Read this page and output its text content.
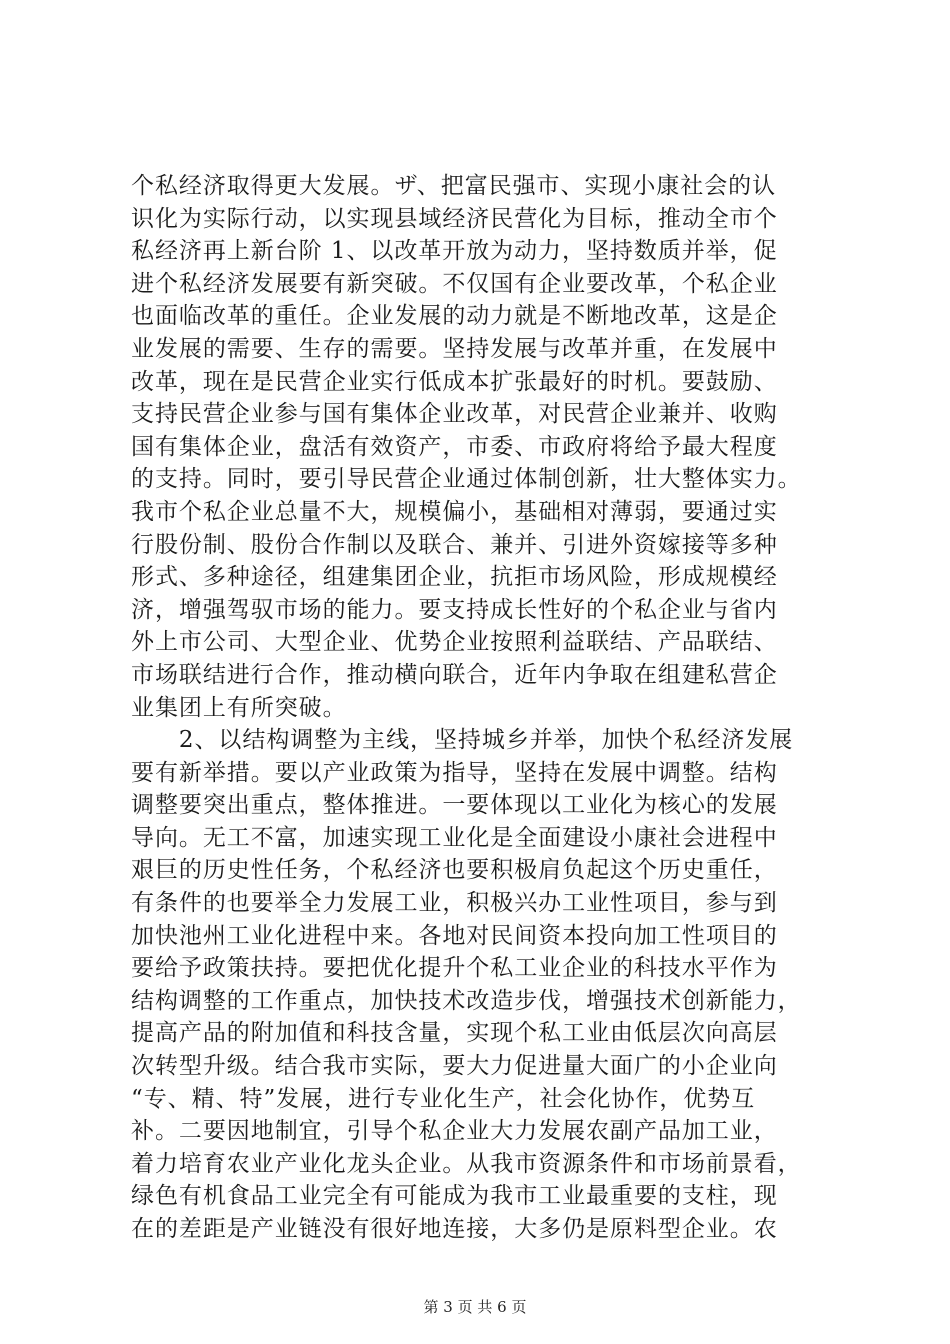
个私经济取得更大发展。ザ、把富民强市、实现小康社会的认
识化为实际行动，以实现县域经济民营化为目标，推动全市个
私经济再上新台阶 1、以改革开放为动力，坚持数质并举，促
进个私经济发展要有新突破。不仅国有企业要改革，个私企业
也面临改革的重任。企业发展的动力就是不断地改革，这是企
业发展的需要、生存的需要。坚持发展与改革并重，在发展中
改革，现在是民营企业实行低成本扩张最好的时机。要鼓励、
支持民营企业参与国有集体企业改革，对民营企业兼并、收购
国有集体企业，盘活有效资产，市委、市政府将给予最大程度
的支持。同时，要引导民营企业通过体制创新，壮大整体实力。
我市个私企业总量不大，规模偏小，基础相对薄弱，要通过实
行股份制、股份合作制以及联合、兼并、引进外资嫁接等多种
形式、多种途径，组建集团企业，抗拒市场风险，形成规模经
济，增强驾驭市场的能力。要支持成长性好的个私企业与省内
外上市公司、大型企业、优势企业按照利益联结、产品联结、
市场联结进行合作，推动横向联合，近年内争取在组建私营企
业集团上有所突破。
　　2、以结构调整为主线，坚持城乡并举，加快个私经济发展
要有新举措。要以产业政策为指导，坚持在发展中调整。结构
调整要突出重点，整体推进。一要体现以工业化为核心的发展
导向。无工不富，加速实现工业化是全面建设小康社会进程中
艰巨的历史性任务，个私经济也要积极肩负起这个历史重任，
有条件的也要举全力发展工业，积极兴办工业性项目，参与到
加快池州工业化进程中来。各地对民间资本投向加工性项目的
要给予政策扶持。要把优化提升个私工业企业的科技水平作为
结构调整的工作重点，加快技术改造步伐，增强技术创新能力，
提高产品的附加值和科技含量，实现个私工业由低层次向高层
次转型升级。结合我市实际，要大力促进量大面广的小企业向
“专、精、特”发展，进行专业化生产，社会化协作，优势互
补。二要因地制宜，引导个私企业大力发展农副产品加工业，
着力培育农业产业化龙头企业。从我市资源条件和市场前景看，
绿色有机食品工业完全有可能成为我市工业最重要的支柱，现
在的差距是产业链没有很好地连接，大多仍是原料型企业。农
第 3 页 共 6 页
